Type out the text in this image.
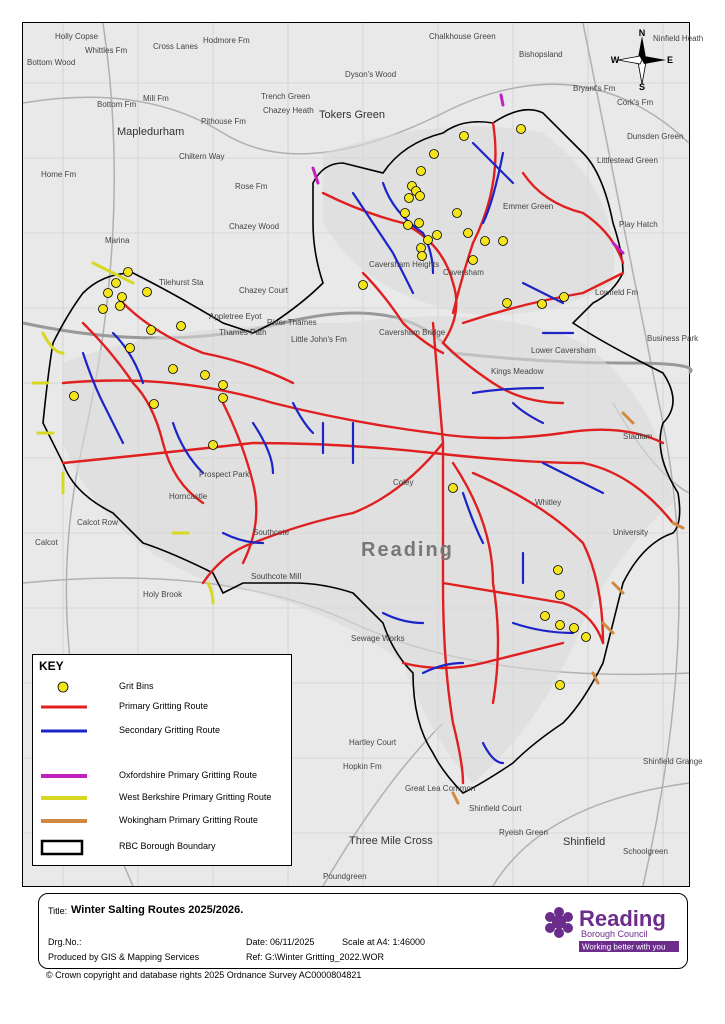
Chalkhouse Green
Bishopsland
Ninfield Heath
Cross Lanes
Hodmore Fm
Trench Green
Chazey Heath
Mapledurham
Pithouse Fm
Rose Fm
Tokers Green
Dyson's Wood
Bryant's Fm
Cork's Fm
Dunsden Green
Littlestead Green
Play Hatch
Marina
Caversham Heights
Caversham
Emmer Green
Chazey Court
Tilehurst Sta
Appletree Eyot
Little John's Fm
Caversham Bridge
Lower Caversham
Kings Meadow
Reading
Prospect Park
Horncastle
Southcote
Southcote Mill
Holy Brook
Whitley
Sewage Works
Hartley Court
Hopkin Fm
Great Lea Common
Three Mile Cross	Shinfield
Shinfield Court
Ryeish Green
Schoolgreen
Shinfield Grange
University
Calcot
Calcot Row
Coley
Home Fm
Bottom Fm
Mill Fm
Whittles Fm
Holly Copse
Bottom Wood
Poundgreen
Stadium
Business Park
Lowfield Fm
Chazey Wood
Chiltern Way
Thames Path
River Thames
N
S
E
W
KEY
Grit Bins
Primary Gritting Route
Secondary Gritting Route
Oxfordshire Primary Gritting Route
West Berkshire Primary Gritting Route
Wokingham Primary Gritting Route
RBC Borough Boundary
Title: Winter Salting Routes 2025/2026.
Drg.No.:
Produced by GIS & Mapping Services
Date: 06/11/2025	Scale at A4: 1:46000
Ref: G:\Winter Gritting_2022.WOR
Reading
Borough Council
Working better with you
© Crown copyright and database rights 2025 Ordnance Survey AC0000804821
